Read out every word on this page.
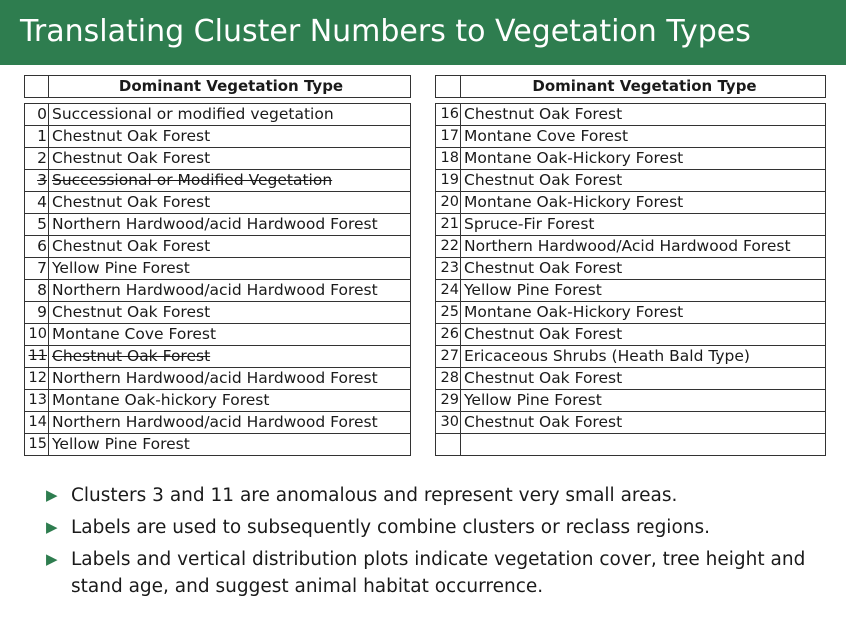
Translating Cluster Numbers to Vegetation Types
	Dominant Vegetation Type

0	Successional or modified vegetation
1	Chestnut Oak Forest
2	Chestnut Oak Forest
3	Successional or Modified Vegetation
4	Chestnut Oak Forest
5	Northern Hardwood/acid Hardwood Forest
6	Chestnut Oak Forest
7	Yellow Pine Forest
8	Northern Hardwood/acid Hardwood Forest
9	Chestnut Oak Forest
10	Montane Cove Forest
11	Chestnut Oak Forest
12	Northern Hardwood/acid Hardwood Forest
13	Montane Oak-hickory Forest
14	Northern Hardwood/acid Hardwood Forest
15	Yellow Pine Forest
	Dominant Vegetation Type

16	Chestnut Oak Forest
17	Montane Cove Forest
18	Montane Oak-Hickory Forest
19	Chestnut Oak Forest
20	Montane Oak-Hickory Forest
21	Spruce-Fir Forest
22	Northern Hardwood/Acid Hardwood Forest
23	Chestnut Oak Forest
24	Yellow Pine Forest
25	Montane Oak-Hickory Forest
26	Chestnut Oak Forest
27	Ericaceous Shrubs (Heath Bald Type)
28	Chestnut Oak Forest
29	Yellow Pine Forest
30	Chestnut Oak Forest

▶ Clusters 3 and 11 are anomalous and represent very small areas.
▶ Labels are used to subsequently combine clusters or reclass regions.
▶ Labels and vertical distribution plots indicate vegetation cover, tree height and stand age, and suggest animal habitat occurrence.
